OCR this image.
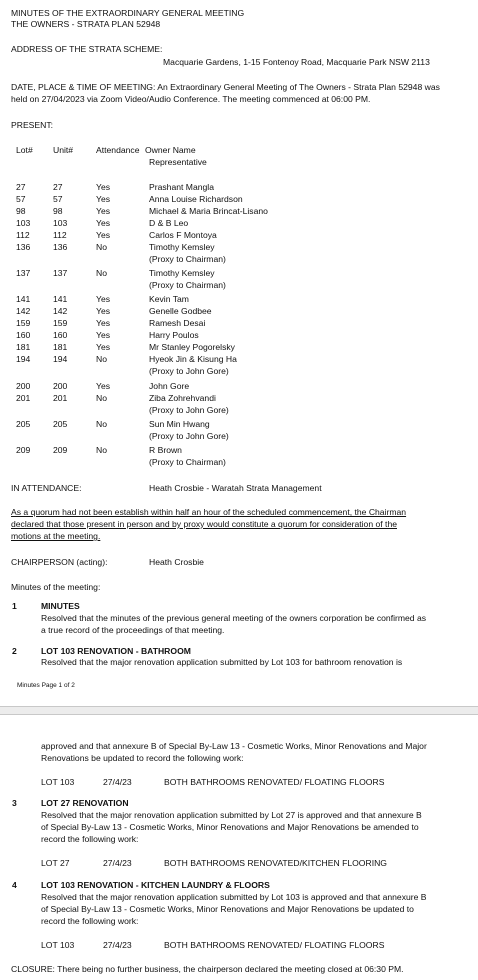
MINUTES OF THE EXTRAORDINARY GENERAL MEETING
THE OWNERS - STRATA PLAN 52948
ADDRESS OF THE STRATA SCHEME:
Macquarie Gardens, 1-15 Fontenoy Road, Macquarie Park NSW 2113
DATE, PLACE & TIME OF MEETING: An Extraordinary General Meeting of The Owners - Strata Plan 52948 was
held on 27/04/2023 via Zoom Video/Audio Conference. The meeting commenced at 06:00 PM.
PRESENT:
Lot# Unit#	Attendance Owner Name
Representative
27	27	Yes	Prashant Mangla
57	57	Yes	Anna Louise Richardson
98	98	Yes	Michael & Maria Brincat-Lisano
103	103	Yes	D & B Leo
112	112	Yes	Carlos F Montoya
136	136	No	Timothy Kemsley
(Proxy to Chairman)
137	137	No	Timothy Kemsley
(Proxy to Chairman)
141	141	Yes	Kevin Tam
142	142	Yes	Genelle Godbee
159	159	Yes	Ramesh Desai
160	160	Yes	Harry Poulos
181	181	Yes	Mr Stanley Pogorelsky
194	194	No	Hyeok Jin & Kisung Ha
(Proxy to John Gore)
200	200	Yes	John Gore
201	201	No	Ziba Zohrehvandi
(Proxy to John Gore)
205	205	No	Sun Min Hwang
(Proxy to John Gore)
209	209	No	R Brown
(Proxy to Chairman)
IN ATTENDANCE:	Heath Crosbie - Waratah Strata Management
As a quorum had not been establish within half an hour of the scheduled commencement, the Chairman
declared that those present in person and by proxy would constitute a quorum for consideration of the
motions at the meeting.
CHAIRPERSON (acting):	Heath Crosbie
Minutes of the meeting:
1	MINUTES
Resolved that the minutes of the previous general meeting of the owners corporation be confirmed as
a true record of the proceedings of that meeting.
2	LOT 103 RENOVATION - BATHROOM
Resolved that the major renovation application submitted by Lot 103 for bathroom renovation is
Minutes Page 1 of 2
approved and that annexure B of Special By-Law 13 - Cosmetic Works, Minor Renovations and Major
Renovations be updated to record the following work:
LOT 103	27/4/23	BOTH BATHROOMS RENOVATED/ FLOATING FLOORS
3	LOT 27 RENOVATION
Resolved that the major renovation application submitted by Lot 27 is approved and that annexure B
of Special By-Law 13 - Cosmetic Works, Minor Renovations and Major Renovations be amended to
record the following work:
LOT 27	27/4/23	BOTH BATHROOMS RENOVATED/KITCHEN FLOORING
4	LOT 103 RENOVATION - KITCHEN LAUNDRY & FLOORS
Resolved that the major renovation application submitted by Lot 103 is approved and that annexure B
of Special By-Law 13 - Cosmetic Works, Minor Renovations and Major Renovations be updated to
record the following work:
LOT 103	27/4/23	BOTH BATHROOMS RENOVATED/ FLOATING FLOORS
CLOSURE: There being no further business, the chairperson declared the meeting closed at 06:30 PM.
